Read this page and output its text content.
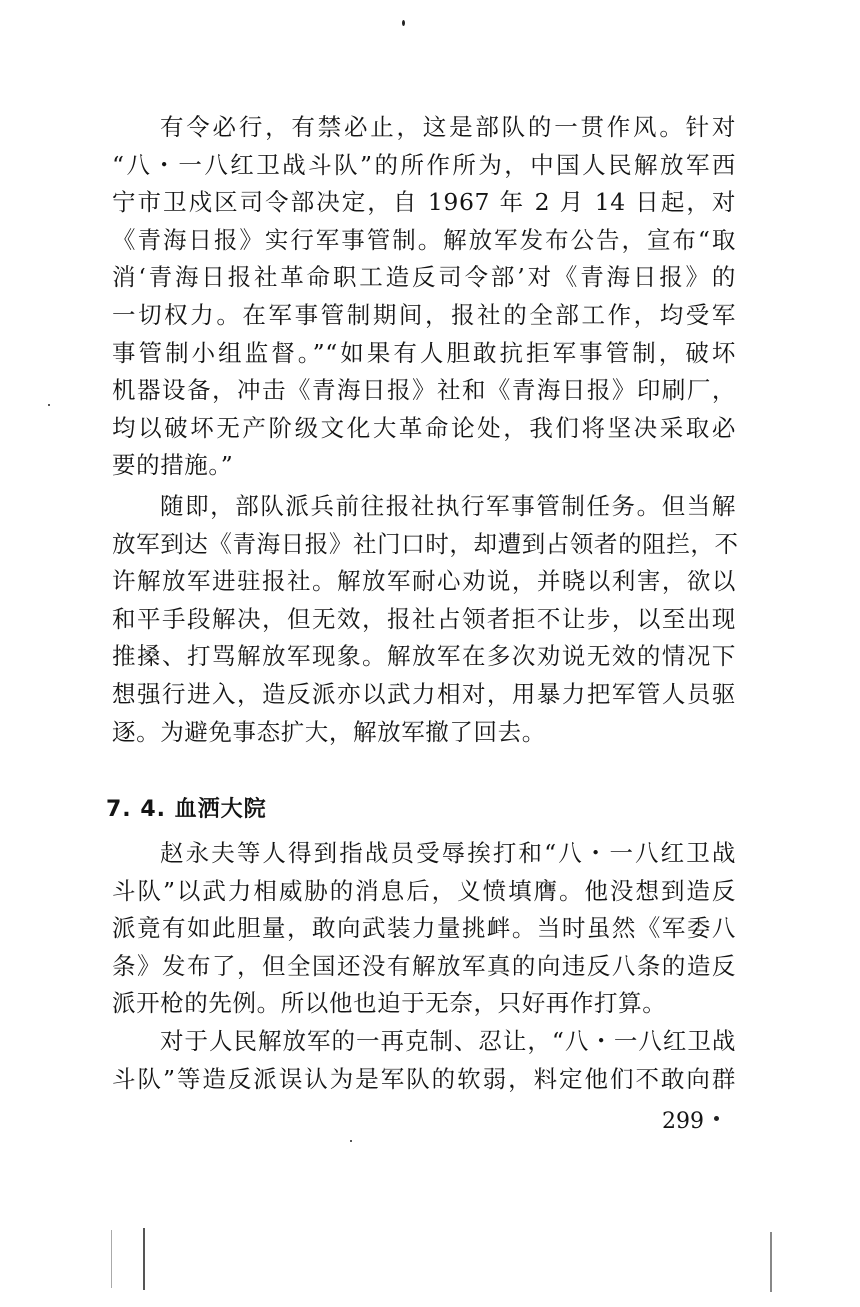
有令必行，有禁必止，这是部队的一贯作风。针对
“八・一八红卫战斗队”的所作所为，中国人民解放军西
宁市卫戍区司令部决定，自 1967 年 2 月 14 日起，对
《青海日报》实行军事管制。解放军发布公告，宣布“取
消‘青海日报社革命职工造反司令部’对《青海日报》的
一切权力。在军事管制期间，报社的全部工作，均受军
事管制小组监督。”“如果有人胆敢抗拒军事管制，破坏
机器设备，冲击《青海日报》社和《青海日报》印刷厂，
均以破坏无产阶级文化大革命论处，我们将坚决采取必
要的措施。”
随即，部队派兵前往报社执行军事管制任务。但当解
放军到达《青海日报》社门口时，却遭到占领者的阻拦，不
许解放军进驻报社。解放军耐心劝说，并晓以利害，欲以
和平手段解决，但无效，报社占领者拒不让步，以至出现
推搡、打骂解放军现象。解放军在多次劝说无效的情况下
想强行进入，造反派亦以武力相对，用暴力把军管人员驱
逐。为避免事态扩大，解放军撤了回去。
7. 4. 血洒大院
赵永夫等人得到指战员受辱挨打和“八・一八红卫战
斗队”以武力相威胁的消息后，义愤填膺。他没想到造反
派竟有如此胆量，敢向武装力量挑衅。当时虽然《军委八
条》发布了，但全国还没有解放军真的向违反八条的造反
派开枪的先例。所以他也迫于无奈，只好再作打算。
对于人民解放军的一再克制、忍让，“八・一八红卫战
斗队”等造反派误认为是军队的软弱，料定他们不敢向群
299
